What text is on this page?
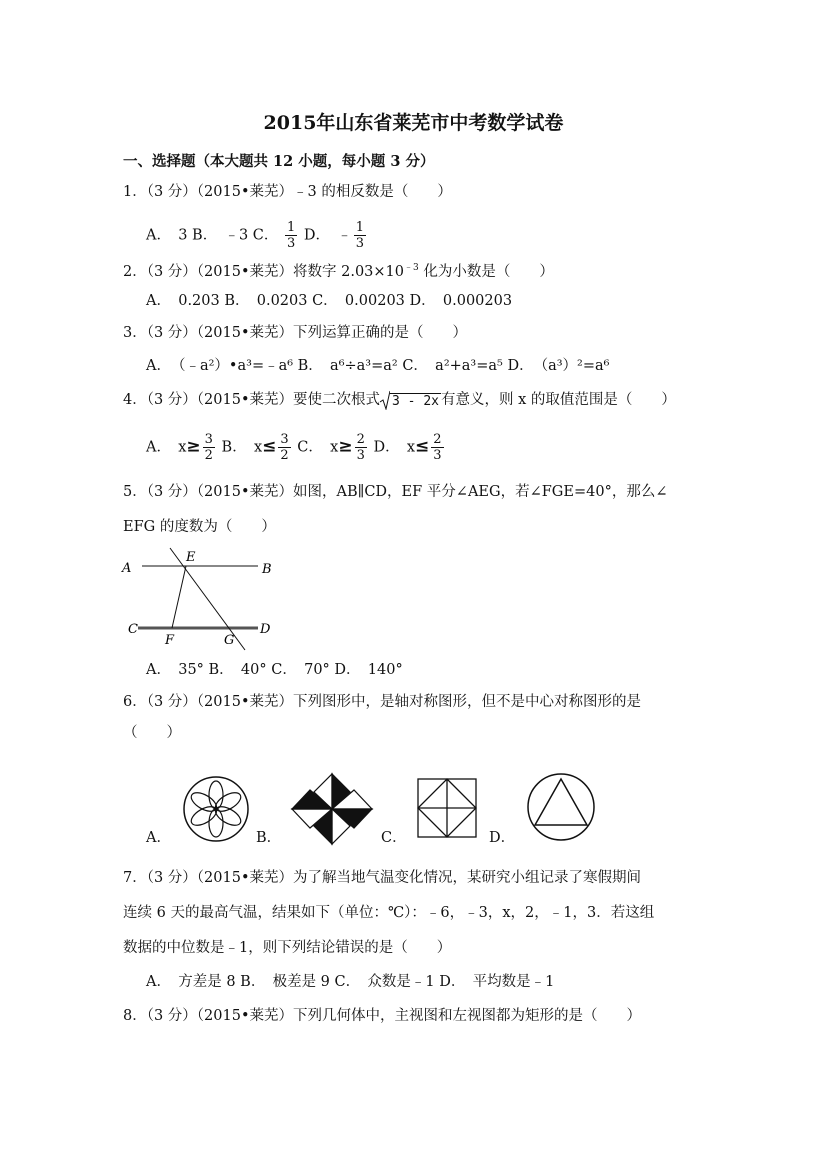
2015年山东省莱芜市中考数学试卷
一、选择题（本大题共 12 小题，每小题 3 分）
1．（3 分）（2015•莱芜）﹣3 的相反数是（　　）
A．　3 B．　﹣3 C． $\frac{1}{3}$ D．　﹣ $\frac{1}{3}$
2．（3 分）（2015•莱芜）将数字 $2.03\times 10^{﹣3}$ 化为小数是（　　）
A．　0.203 B．　0.0203 C．　0.00203 D．　0.000203
3．（3 分）（2015•莱芜）下列运算正确的是（　　）
A．　（﹣a²）•a³=﹣a⁶ B．　a⁶÷a³=a² C．　a²+a³=a⁵ D．　（a³）²=a⁶
4．（3 分）（2015•莱芜）要使二次根式 3 - 2x 有意义，则 x 的取值范围是（　　）
A．　$x\ge \frac{3}{2}$ B．　$x\le \frac{3}{2}$ C．　$x\ge \frac{2}{3}$ D．　$x\le \frac{2}{3}$
5．（3 分）（2015•莱芜）如图，AB∥CD，EF 平分∠AEG，若∠FGE=40°，那么∠
EFG 的度数为（　　）
A	B
C	D
E
F	G
A．　35° B．　40° C．　70° D．　140°
6．（3 分）（2015•莱芜）下列图形中，是轴对称图形，但不是中心对称图形的是
（　　）
A．	B．	C．	D．
7．（3 分）（2015•莱芜）为了解当地气温变化情况，某研究小组记录了寒假期间
连续 6 天的最高气温，结果如下（单位：℃）：﹣6，﹣3，x，2，﹣1，3．若这组
数据的中位数是﹣1，则下列结论错误的是（　　）
A．　方差是 8 B．　极差是 9 C．　众数是﹣1 D．　平均数是﹣1
8．（3 分）（2015•莱芜）下列几何体中，主视图和左视图都为矩形的是（　　）
